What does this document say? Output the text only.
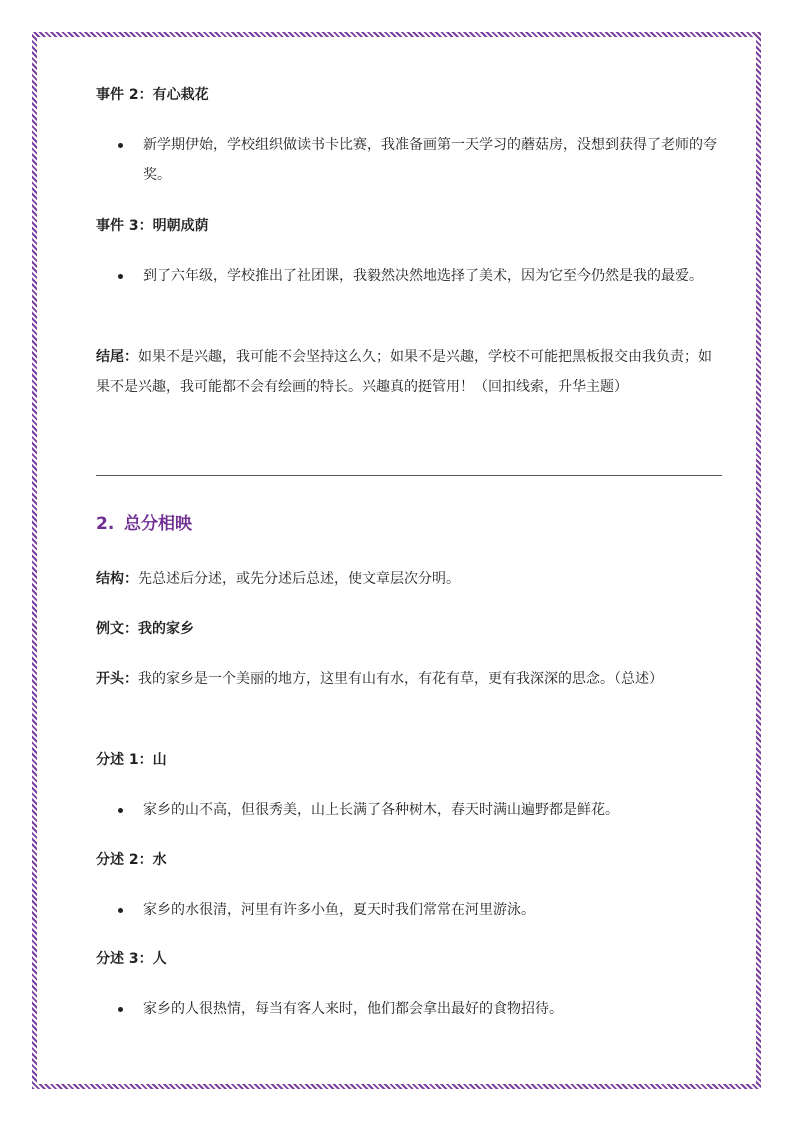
事件 2：有心栽花
新学期伊始，学校组织做读书卡比赛，我准备画第一天学习的蘑菇房，没想到获得了老师的夸奖。
事件 3：明朝成荫
到了六年级，学校推出了社团课，我毅然决然地选择了美术，因为它至今仍然是我的最爱。
结尾：如果不是兴趣，我可能不会坚持这么久；如果不是兴趣，学校不可能把黑板报交由我负责；如果不是兴趣，我可能都不会有绘画的特长。兴趣真的挺管用！（回扣线索，升华主题）
2. 总分相映
结构：先总述后分述，或先分述后总述，使文章层次分明。
例文：我的家乡
开头：我的家乡是一个美丽的地方，这里有山有水，有花有草，更有我深深的思念。（总述）
分述 1：山
家乡的山不高，但很秀美，山上长满了各种树木，春天时满山遍野都是鲜花。
分述 2：水
家乡的水很清，河里有许多小鱼，夏天时我们常常在河里游泳。
分述 3：人
家乡的人很热情，每当有客人来时，他们都会拿出最好的食物招待。
